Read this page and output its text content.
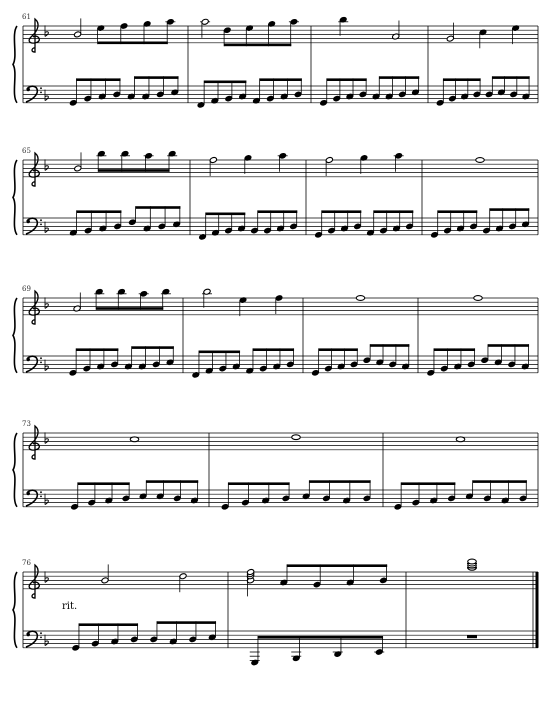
61
65
69
73
76
rit.
